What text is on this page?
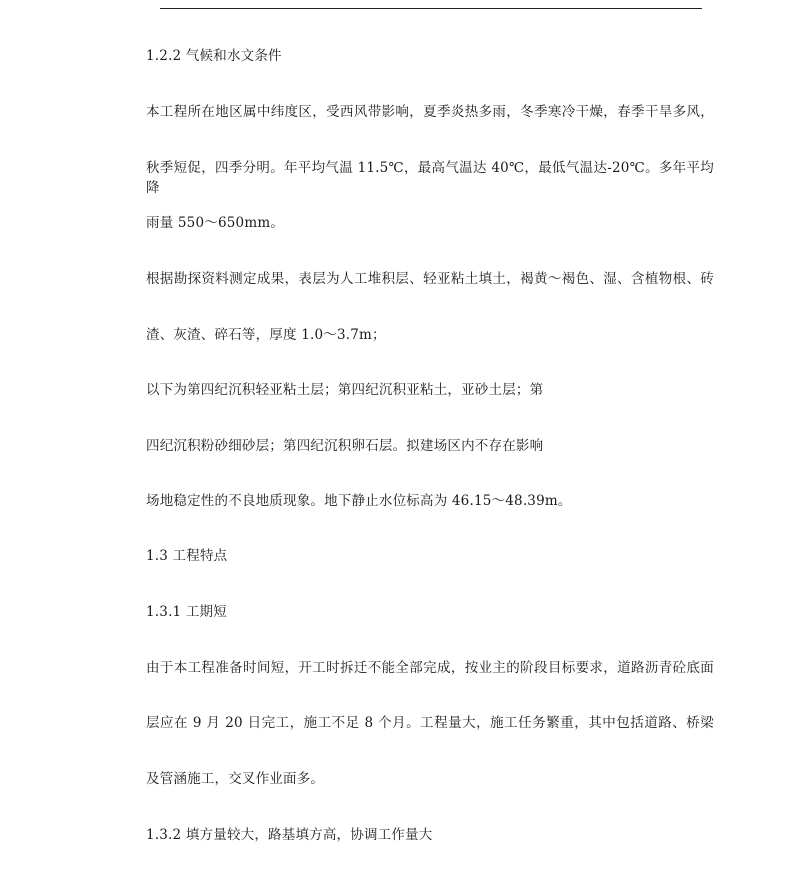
1.2.2 气候和水文条件
本工程所在地区属中纬度区，受西风带影响，夏季炎热多雨，冬季寒冷干燥，春季干旱多风，
秋季短促，四季分明。年平均气温 11.5℃，最高气温达 40℃，最低气温达-20℃。多年平均降
雨量 550～650mm。
根据勘探资料测定成果，表层为人工堆积层、轻亚粘土填土，褐黄～褐色、湿、含植物根、砖
渣、灰渣、碎石等，厚度 1.0～3.7m；
以下为第四纪沉积轻亚粘土层；第四纪沉积亚粘土，亚砂土层；第
四纪沉积粉砂细砂层；第四纪沉积卵石层。拟建场区内不存在影响
场地稳定性的不良地质现象。地下静止水位标高为 46.15～48.39m。
1.3 工程特点
1.3.1 工期短
由于本工程准备时间短，开工时拆迁不能全部完成，按业主的阶段目标要求，道路沥青砼底面
层应在 9 月 20 日完工，施工不足 8 个月。工程量大，施工任务繁重，其中包括道路、桥梁
及管涵施工，交叉作业面多。
1.3.2 填方量较大，路基填方高，协调工作量大
